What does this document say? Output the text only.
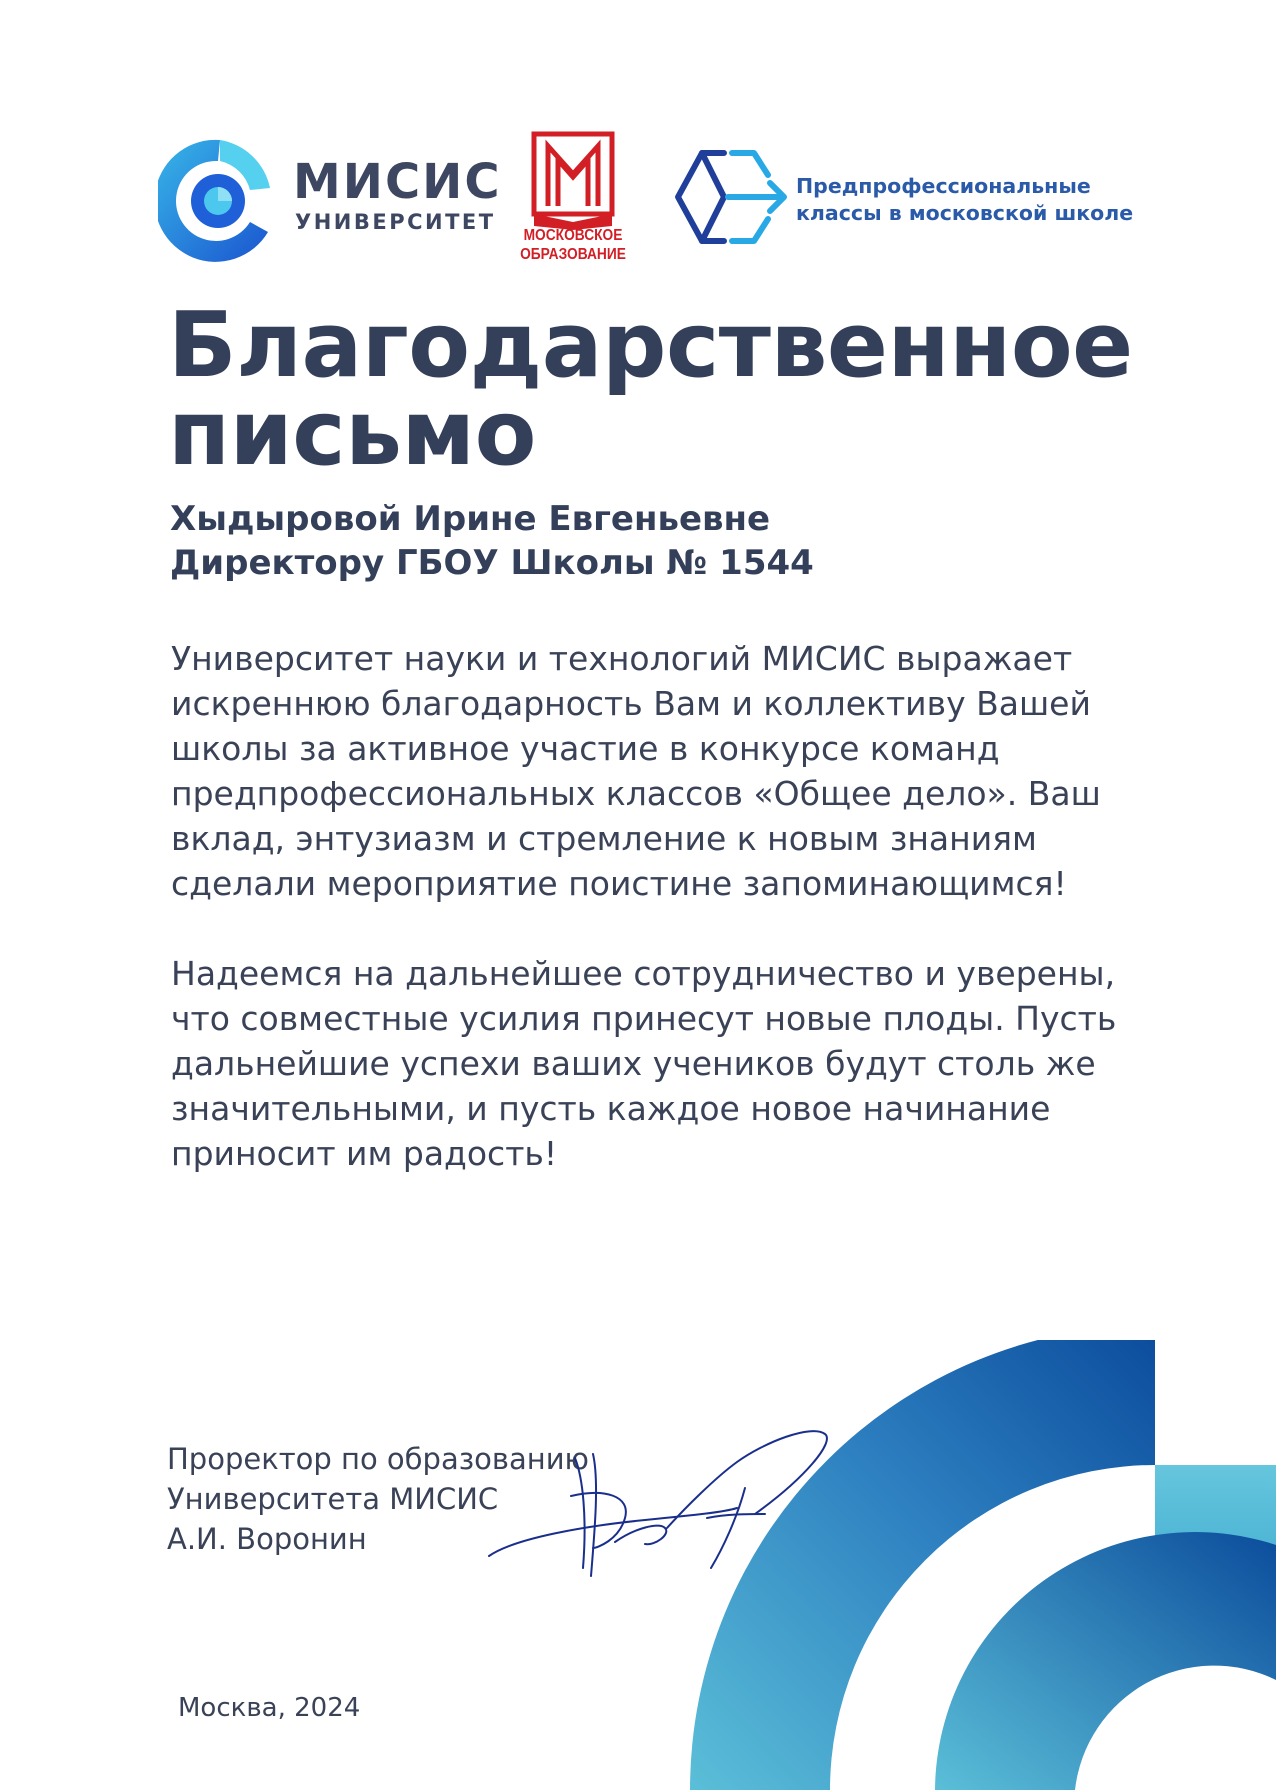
МИСИС
УНИВЕРСИТЕТ
МОСКОВСКОЕ
ОБРАЗОВАНИЕ
Предпрофессиональные
классы в московской школе
Благодарственное
письмо
Хыдыровой Ирине Евгеньевне
Директору ГБОУ Школы № 1544

Университет науки и технологий МИСИС выражает искреннюю благодарность Вам и коллективу Вашей школы за активное участие в конкурсе команд предпрофессиональных классов «Общее дело». Ваш вклад, энтузиазм и стремление к новым знаниям сделали мероприятие поистине запоминающимся!

Надеемся на дальнейшее сотрудничество и уверены, что совместные усилия принесут новые плоды. Пусть дальнейшие успехи ваших учеников будут столь же значительными, и пусть каждое новое начинание приносит им радость!

Проректор по образованию
Университета МИСИС
А.И. Воронин
Москва, 2024
